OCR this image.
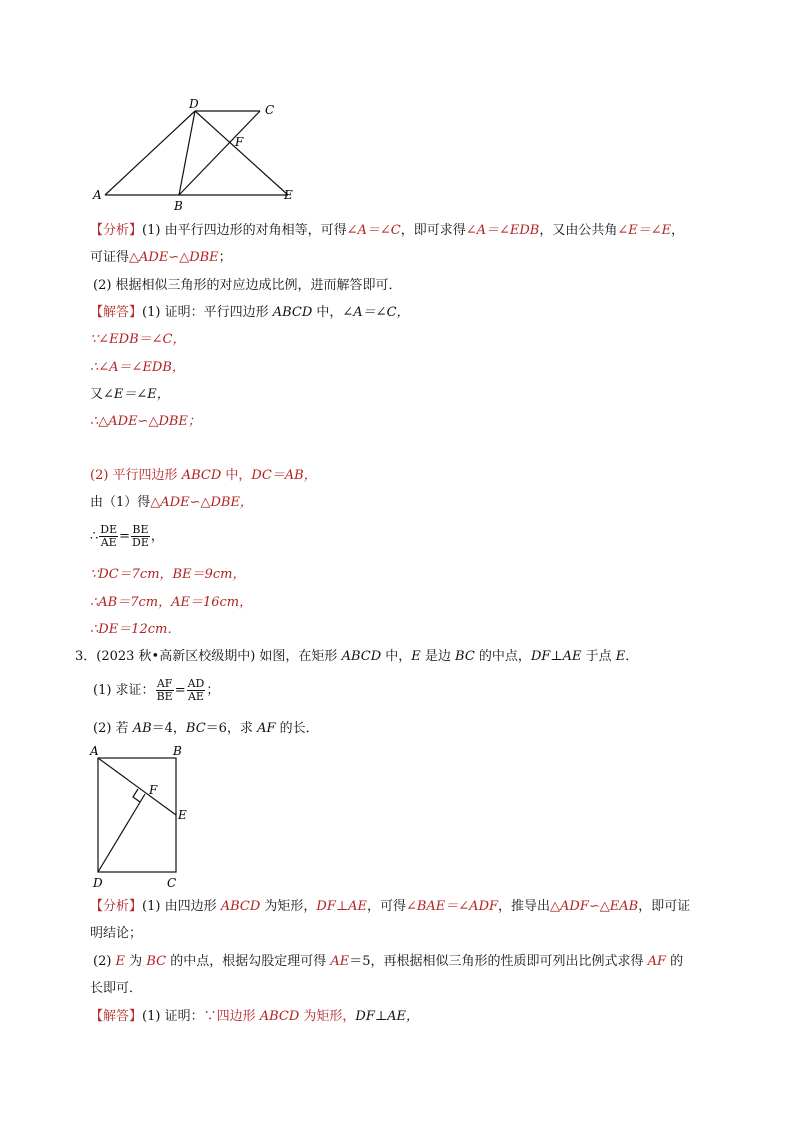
D	C
F
A
B
E
【分析】(1) 由平行四边形的对角相等，可得∠A＝∠C，即可求得∠A＝∠EDB，又由公共角∠E＝∠E，
可证得△ADE∽△DBE；
(2) 根据相似三角形的对应边成比例，进而解答即可．
【解答】(1) 证明：平行四边形 ABCD 中，∠A＝∠C，
∵∠EDB＝∠C，
∴∠A＝∠EDB，
又∠E＝∠E，
∴△ADE∽△DBE；
(2) 平行四边形 ABCD 中，DC＝AB，
由（1）得△ADE∽△DBE，
∴ $\frac{DE}{AE} = \frac{BE}{DE}$ ，
∵DC＝7cm，BE＝9cm，
∴AB＝7cm，AE＝16cm，
∴DE＝12cm．
3．(2023 秋•高新区校级期中) 如图，在矩形 ABCD 中，E 是边 BC 的中点，DF⊥AE 于点 E．
(1) 求证： $\frac{AF}{BE} = \frac{AD}{AE}$ ；
(2) 若 AB＝4，BC＝6，求 AF 的长．
A	B
F
E
D	C
【分析】(1) 由四边形 ABCD 为矩形，DF⊥AE，可得∠BAE＝∠ADF，推导出△ADF∽△EAB，即可证
明结论；
(2) E 为 BC 的中点，根据勾股定理可得 AE＝5，再根据相似三角形的性质即可列出比例式求得 AF 的
长即可．
【解答】(1) 证明：∵四边形 ABCD 为矩形，DF⊥AE，
